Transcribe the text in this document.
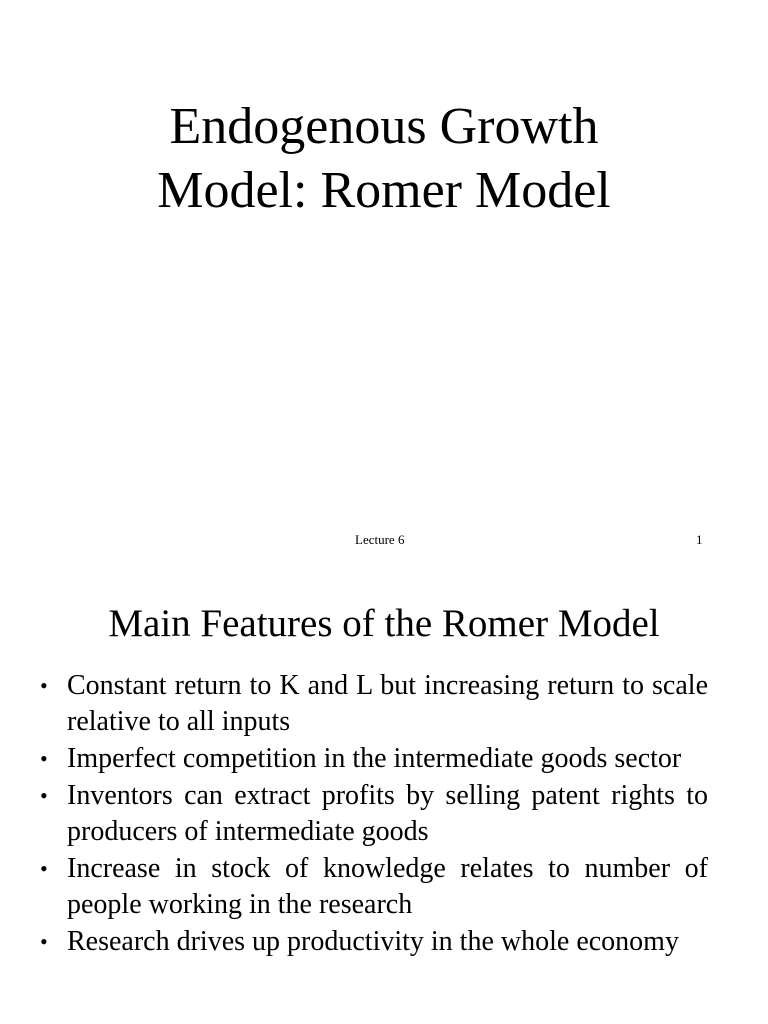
Endogenous Growth
Model: Romer Model
Lecture 6	1
Main Features of the Romer Model
• Constant return to K and L but increasing return to scale relative to all inputs
• Imperfect competition in the intermediate goods sector
• Inventors can extract profits by selling patent rights to producers of intermediate goods
• Increase in stock of knowledge relates to number of people working in the research
• Research drives up productivity in the whole economy
